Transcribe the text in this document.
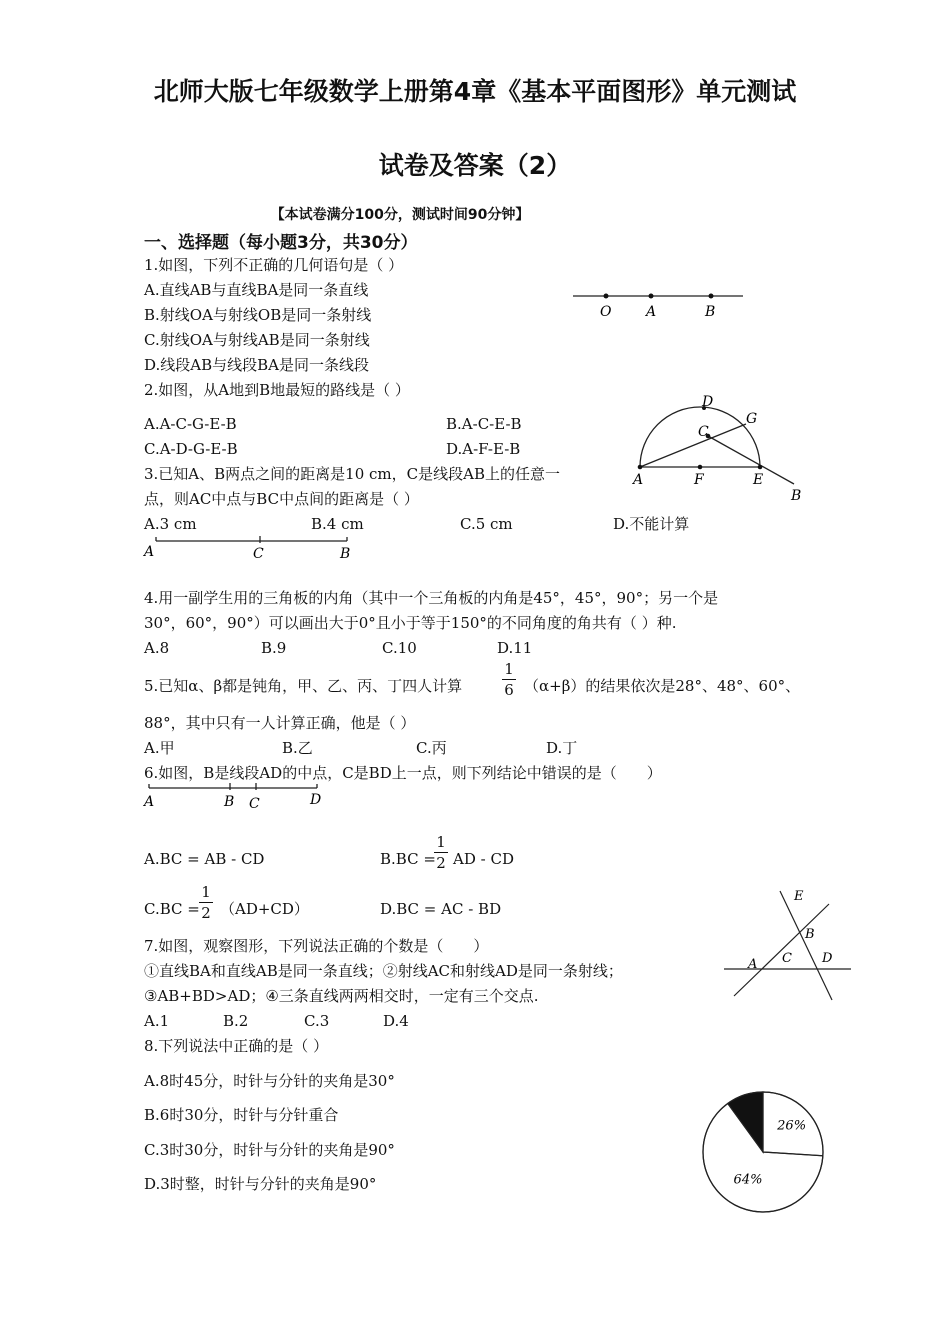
北师大版七年级数学上册第4章《基本平面图形》单元测试
试卷及答案（2）
【本试卷满分100分，测试时间90分钟】
一、选择题（每小题3分，共30分）
1.如图，下列不正确的几何语句是（ ）
A.直线AB与直线BA是同一条直线
B.射线OA与射线OB是同一条射线
C.射线OA与射线AB是同一条射线
D.线段AB与线段BA是同一条线段
O A	B
2.如图，从A地到B地最短的路线是（ ）
A.A-C-G-E-B	B.A-C-E-B
C.A-D-G-E-B	D.A-F-E-B
D
G
C
A	F	E
B
3.已知A、B两点之间的距离是10 cm，C是线段AB上的任意一
点，则AC中点与BC中点间的距离是（ ）
A.3 cm	B.4 cm	C.5 cm	D.不能计算
A	C	B
4.用一副学生用的三角板的内角（其中一个三角板的内角是45°，45°，90°；另一个是
30°，60°，90°）可以画出大于0°且小于等于150°的不同角度的角共有（ ）种.
A.8	B.9	C.10	D.11
5.已知α、β都是钝角，甲、乙、丙、丁四人计算
1
6 （α+β）的结果依次是28°、48°、60°、
88°，其中只有一人计算正确，他是（ ）
A.甲	B.乙	C.丙	D.丁
6.如图，B是线段AD的中点，C是BD上一点，则下列结论中错误的是（　　）
A	B C	D
A.BC = AB - CD	B.BC =
1
2 AD - CD
C.BC =
1
2 （AD+CD）	D.BC = AC - BD
7.如图，观察图形，下列说法正确的个数是（　　）
①直线BA和直线AB是同一条直线；②射线AC和射线AD是同一条射线；
③AB+BD>AD；④三条直线两两相交时，一定有三个交点.
A.1	B.2	C.3	D.4
E
B
A C D
8.下列说法中正确的是（ ）
A.8时45分，时针与分针的夹角是30°
B.6时30分，时针与分针重合
C.3时30分，时针与分针的夹角是90°
D.3时整，时针与分针的夹角是90°
26%
64%
